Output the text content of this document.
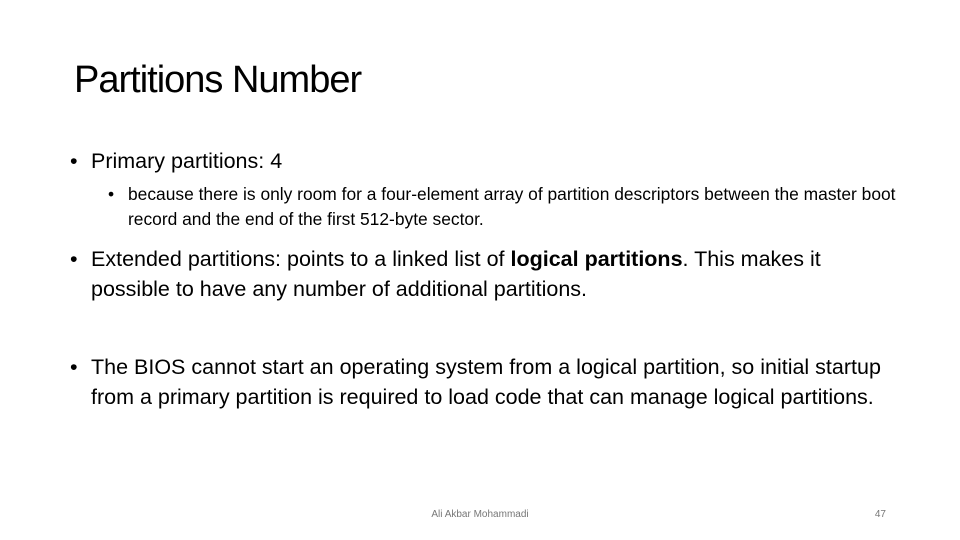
Partitions Number
• Primary partitions: 4
• because there is only room for a four-element array of partition descriptors between the master boot record and the end of the first 512-byte sector.
• Extended partitions: points to a linked list of logical partitions. This makes it possible to have any number of additional partitions.
• The BIOS cannot start an operating system from a logical partition, so initial startup from a primary partition is required to load code that can manage logical partitions.
Ali Akbar Mohammadi	47
